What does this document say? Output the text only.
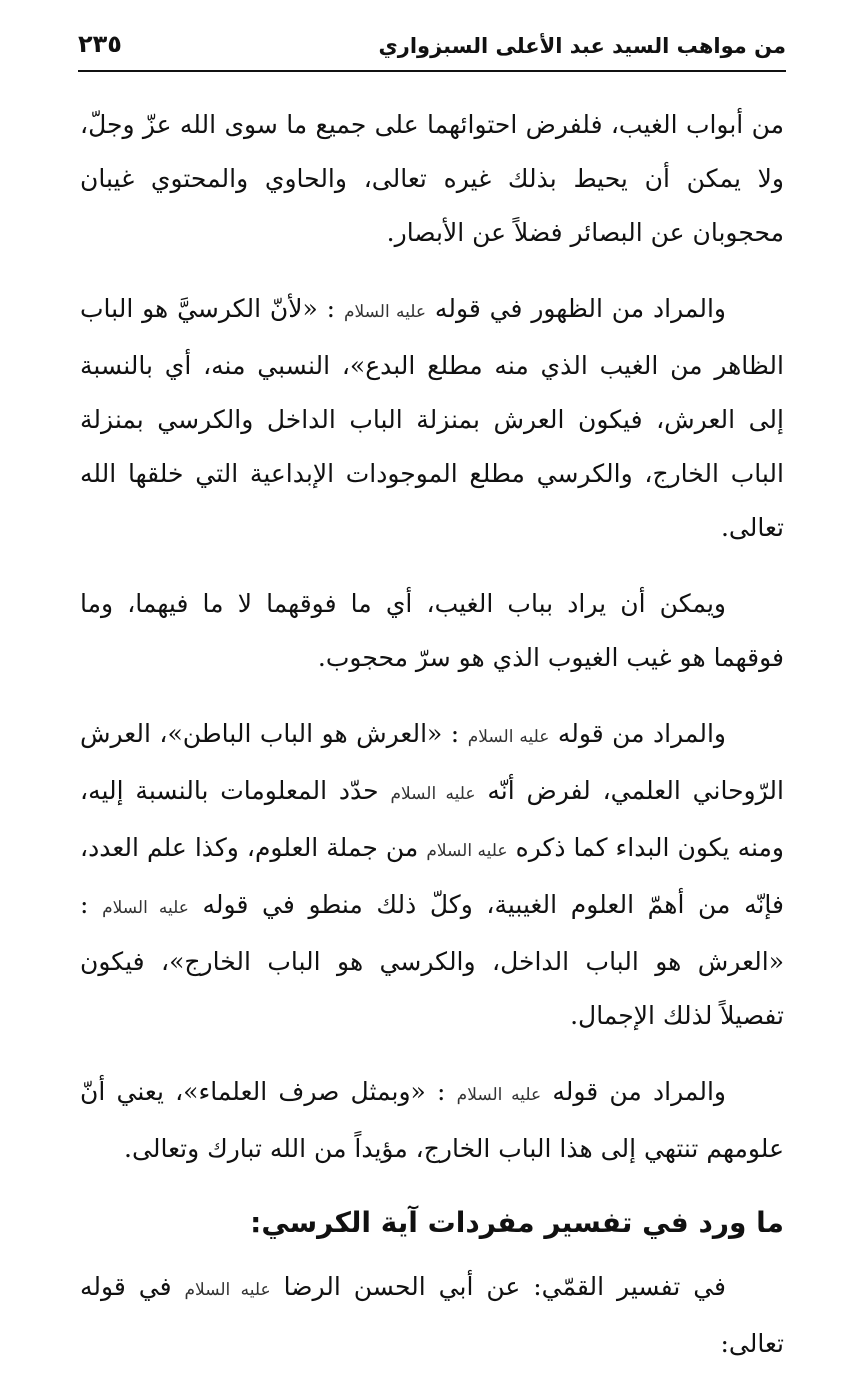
من مواهب السيد عبد الأعلى السبزواري
٢٣٥

من أبواب الغيب، فلفرض احتوائهما على جميع ما سوى الله عزّ وجلّ، ولا يمكن أن يحيط بذلك غيره تعالى، والحاوي والمحتوي غيبان محجوبان عن البصائر فضلاً عن الأبصار.

والمراد من الظهور في قوله عليه السلام : «لأنّ الكرسيَّ هو الباب الظاهر من الغيب الذي منه مطلع البدع»، النسبي منه، أي بالنسبة إلى العرش، فيكون العرش بمنزلة الباب الداخل والكرسي بمنزلة الباب الخارج، والكرسي مطلع الموجودات الإبداعية التي خلقها الله تعالى.

ويمكن أن يراد بباب الغيب، أي ما فوقهما لا ما فيهما، وما فوقهما هو غيب الغيوب الذي هو سرّ محجوب.

والمراد من قوله عليه السلام : «العرش هو الباب الباطن»، العرش الرّوحاني العلمي، لفرض أنّه عليه السلام حدّد المعلومات بالنسبة إليه، ومنه يكون البداء كما ذكره عليه السلام من جملة العلوم، وكذا علم العدد، فإنّه من أهمّ العلوم الغيبية، وكلّ ذلك منطو في قوله عليه السلام : «العرش هو الباب الداخل، والكرسي هو الباب الخارج»، فيكون تفصيلاً لذلك الإجمال.

والمراد من قوله عليه السلام : «وبمثل صرف العلماء»، يعني أنّ علومهم تنتهي إلى هذا الباب الخارج، مؤيداً من الله تبارك وتعالى.

ما ورد في تفسير مفردات آية الكرسي:

في تفسير القمّي: عن أبي الحسن الرضا عليه السلام في قوله تعالى:
